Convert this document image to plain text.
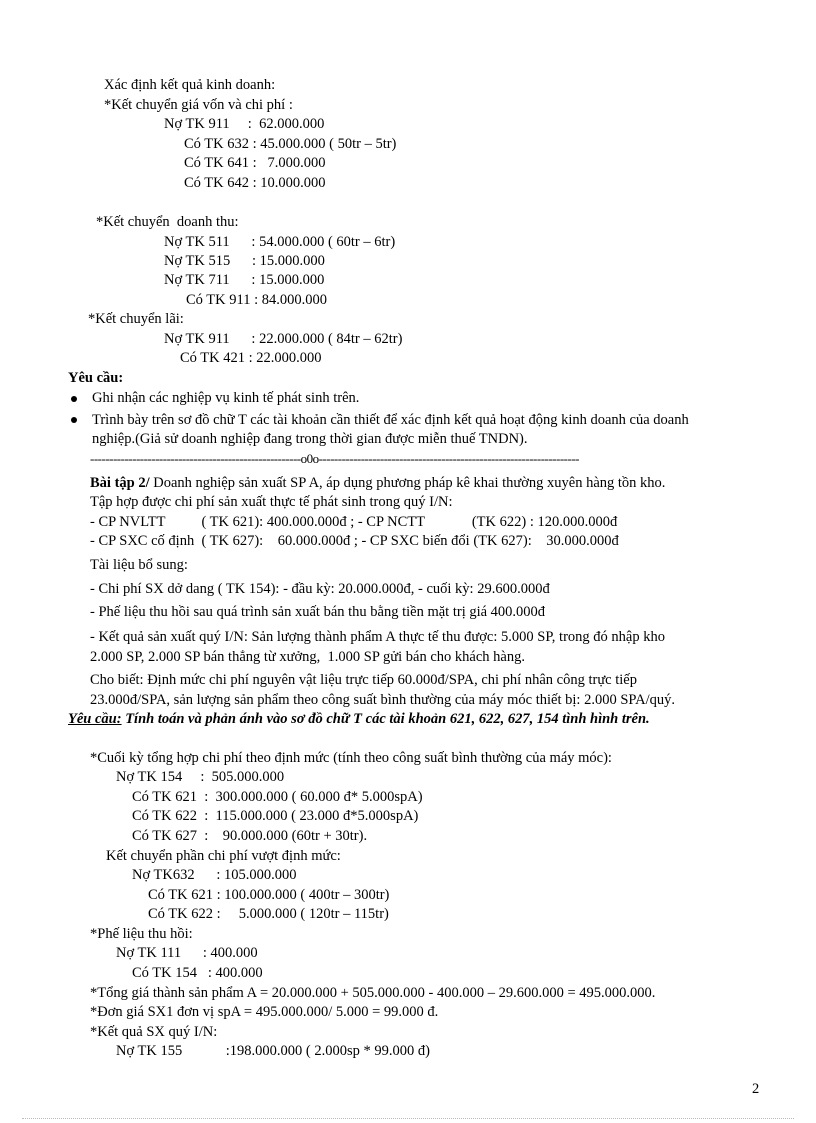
Xác định kết quả kinh doanh:
*Kết chuyển giá vốn và chi phí :
Nợ TK 911     :  62.000.000
Có TK 632 : 45.000.000 ( 50tr – 5tr)
Có TK 641 :   7.000.000
Có TK 642 : 10.000.000
*Kết chuyển  doanh thu:
Nợ TK 511      : 54.000.000 ( 60tr – 6tr)
Nợ TK 515      : 15.000.000
Nợ TK 711      : 15.000.000
Có TK 911 : 84.000.000
*Kết chuyển lãi:
Nợ TK 911      : 22.000.000 ( 84tr – 62tr)
Có TK 421 : 22.000.000
Yêu cầu:
Ghi nhận các nghiệp vụ kinh tế phát sinh trên.
Trình bày trên sơ đồ chữ T các tài khoản cần thiết để xác định kết quả hoạt động kinh doanh của doanh
nghiệp.(Giả sử doanh nghiệp đang trong thời gian được miễn thuế TNDN).
-------------------------------------------------------o0o--------------------------------------------------------------------
Bài tập 2/ Doanh nghiệp sản xuất SP A, áp dụng phương pháp kê khai thường xuyên hàng tồn kho.
Tập hợp được chi phí sản xuất thực tế phát sinh trong quý I/N:
- CP NVLTT          ( TK 621): 400.000.000đ ; - CP NCTT             (TK 622) : 120.000.000đ
- CP SXC cố định  ( TK 627):    60.000.000đ ; - CP SXC biến đổi (TK 627):    30.000.000đ
Tài liệu bổ sung:
- Chi phí SX dở dang ( TK 154): - đầu kỳ: 20.000.000đ, - cuối kỳ: 29.600.000đ
- Phế liệu thu hồi sau quá trình sản xuất bán thu bằng tiền mặt trị giá 400.000đ
- Kết quả sản xuất quý I/N: Sản lượng thành phẩm A thực tế thu được: 5.000 SP, trong đó nhập kho
2.000 SP, 2.000 SP bán thẳng từ xưởng,  1.000 SP gửi bán cho khách hàng.
Cho biết: Định mức chi phí nguyên vật liệu trực tiếp 60.000đ/SPA, chi phí nhân công trực tiếp
23.000đ/SPA, sản lượng sản phẩm theo công suất bình thường của máy móc thiết bị: 2.000 SPA/quý.
Yêu cầu: Tính toán và phản ánh vào sơ đồ chữ T các tài khoản 621, 622, 627, 154 tình hình trên.
*Cuối kỳ tổng hợp chi phí theo định mức (tính theo công suất bình thường của máy móc):
Nợ TK 154     :  505.000.000
Có TK 621  :  300.000.000 ( 60.000 đ* 5.000spA)
Có TK 622  :  115.000.000 ( 23.000 đ*5.000spA)
Có TK 627  :    90.000.000 (60tr + 30tr).
Kết chuyển phần chi phí vượt định mức:
Nợ TK632      : 105.000.000
Có TK 621 : 100.000.000 ( 400tr – 300tr)
Có TK 622 :     5.000.000 ( 120tr – 115tr)
*Phế liệu thu hồi:
Nợ TK 111      : 400.000
Có TK 154   : 400.000
*Tổng giá thành sản phẩm A = 20.000.000 + 505.000.000 - 400.000 – 29.600.000 = 495.000.000.
*Đơn giá SX1 đơn vị spA = 495.000.000/ 5.000 = 99.000 đ.
*Kết quả SX quý I/N:
Nợ TK 155            :198.000.000 ( 2.000sp * 99.000 đ)
2
